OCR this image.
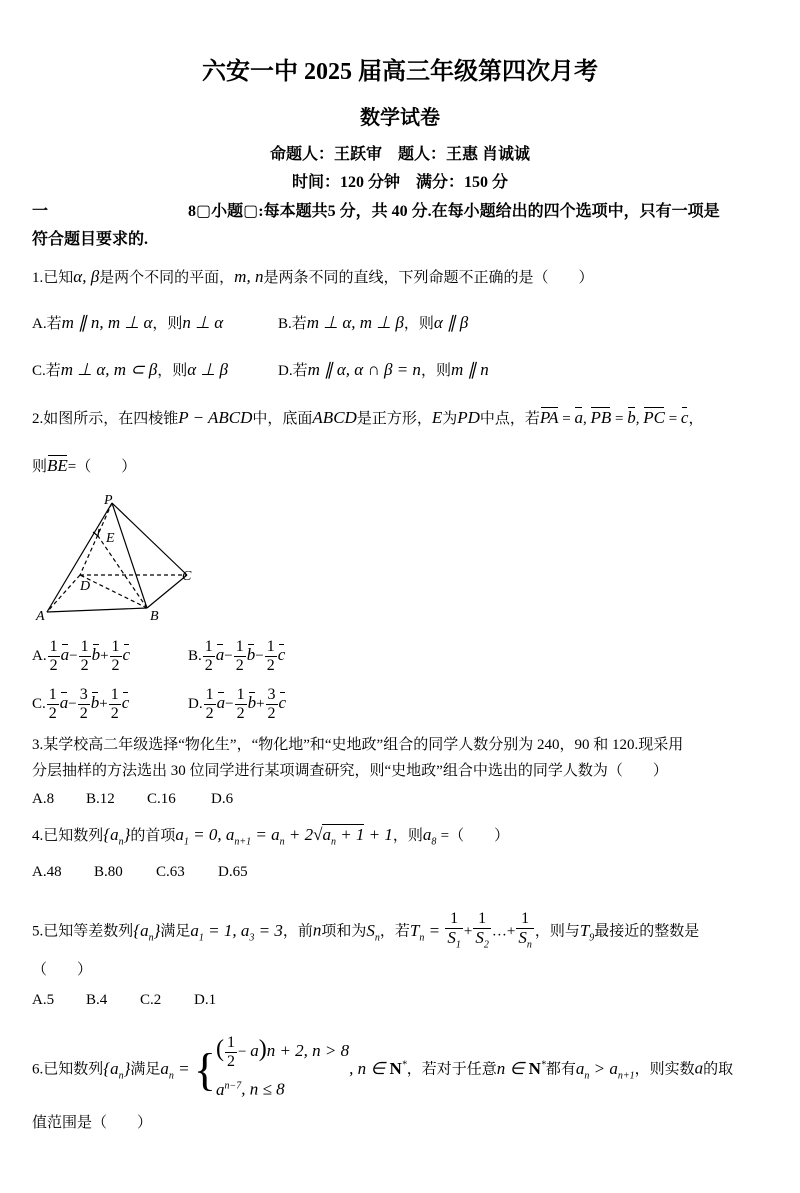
六安一中 2025 届高三年级第四次月考
数学试卷
命题人：王跃审　题人：王惠 肖诚诚
时间：120 分钟　满分：150 分
一	8▢小题▢:每本题共5 分，共 40 分.在每小题给出的四个选项中，只有一项是
符合题目要求的.
1.已知α, β是两个不同的平面，m, n是两条不同的直线，下列命题不正确的是（　　）
A.若m ∥ n, m ⊥ α，则n ⊥ α	B.若m ⊥ α, m ⊥ β，则α ∥ β
C.若m ⊥ α, m ⊂ β，则α ⊥ β	D.若m ∥ α, α ∩ β = n，则m ∥ n
2.如图所示，在四棱锥P − ABCD中，底面ABCD是正方形，E为PD中点，若PA = a, PB = b, PC = c，
则BE=（　　）
P
E
D
C
A	B
A. $\frac{1}{2} a- \frac{1}{2} b+ \frac{1}{2}$ c	B. $\frac{1}{2} a- \frac{1}{2} b- \frac{1}{2}$ c
C. $\frac{1}{2} a- \frac{3}{2} b+ \frac{1}{2}$ c	D. $\frac{1}{2} a- \frac{1}{2} b+ \frac{3}{2}$ c
3.某学校高二年级选择“物化生”，“物化地”和“史地政”组合的同学人数分别为 240，90 和 120.现采用
分层抽样的方法选出 30 位同学进行某项调查研究，则“史地政”组合中选出的同学人数为（　　）
A.8 B.12 C.16 D.6
4.已知数列$\{a_n\}$的首项$a_1 = 0$, $a_{n+1} = a_n + 2√a_n + 1 + 1$，则$a_8$ =（　　）
A.48 B.80 C.63 D.65
5.已知等差数列$\{a_n\}$满足$a_1 = 1$, $a_3 = 3$，前n项和为$S_n$，若$T_n = \frac{1}{S_1} + \frac{1}{S_2}$ …+ $\frac{1}{S_n}$ ，则与$T_9$最接近的整数是
（　　）
A.5 B.4 C.2 D.1
6.已知数列$\{a_n\}$满足$a_n$ = { ( $\frac{1}{2} - a)n + 2$, n > 8
$a^{n-7}$, n ≤ 8
, n ∈ N*，若对于任意n ∈ N*都有$a_n > a_{n+1}$，则实数a的取
值范围是（　　）
